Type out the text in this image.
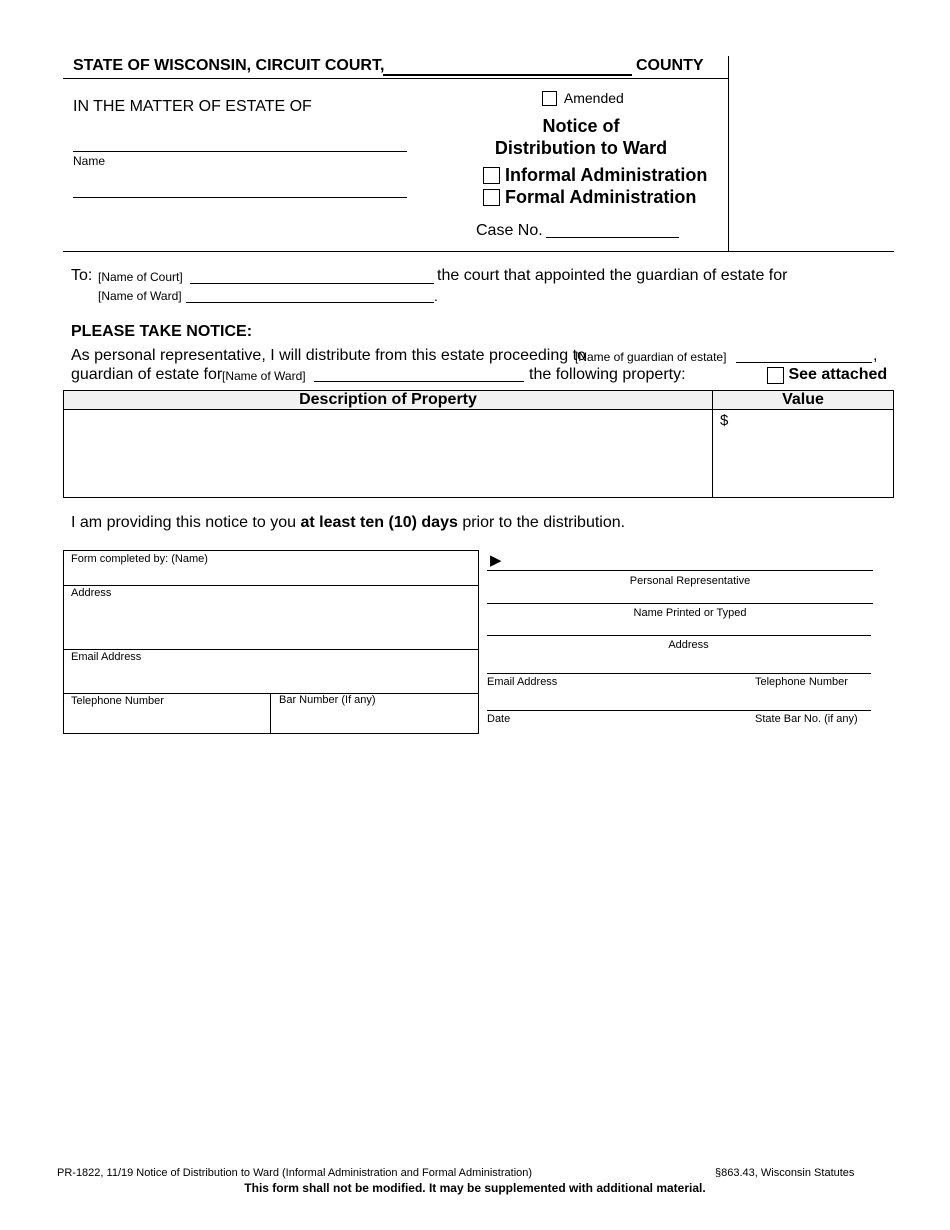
STATE OF WISCONSIN, CIRCUIT COURT,	COUNTY
IN THE MATTER OF ESTATE OF
Name
Amended
Notice of
Distribution to Ward
Informal Administration
Formal Administration
Case No.
To: [Name of Court]	the court that appointed the guardian of estate for
[Name of Ward]	.
PLEASE TAKE NOTICE:
As personal representative, I will distribute from this estate proceeding to
[Name of guardian of estate]	,
guardian of estate for [Name of Ward]	the following property:	See attached
Description of Property	Value
	$
I am providing this notice to you at least ten (10) days prior to the distribution.
Form completed by: (Name)
Address
Email Address
Telephone Number	Bar Number (If any)
▶
Personal Representative
Name Printed or Typed
Address
Email Address	Telephone Number
Date	State Bar No. (if any)
PR-1822, 11/19 Notice of Distribution to Ward (Informal Administration and Formal Administration)	§863.43, Wisconsin Statutes
This form shall not be modified. It may be supplemented with additional material.
